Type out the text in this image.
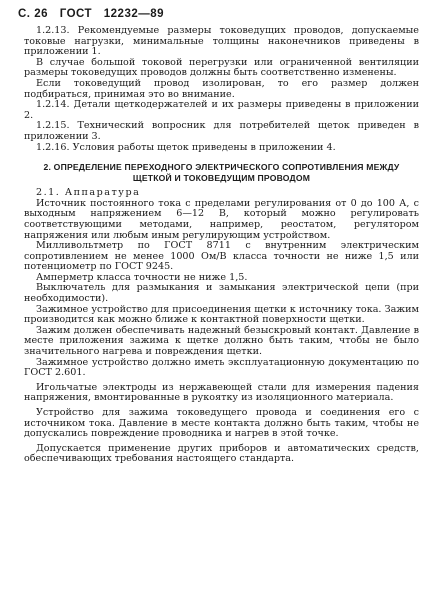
С. 26 ГОСТ 12232—89

1.2.13. Рекомендуемые размеры токоведущих проводов, допускаемые токовые нагрузки, минимальные толщины наконечников приведены в приложении 1.

В случае большой токовой перегрузки или ограниченной вентиляции размеры токоведущих проводов должны быть соответственно изменены.

Если токоведущий провод изолирован, то его размер должен подбираться, принимая это во внимание.

1.2.14. Детали щеткодержателей и их размеры приведены в приложении 2.

1.2.15. Технический вопросник для потребителей щеток приведен в приложении 3.

1.2.16. Условия работы щеток приведены в приложении 4.

2. ОПРЕДЕЛЕНИЕ ПЕРЕХОДНОГО ЭЛЕКТРИЧЕСКОГО СОПРОТИВЛЕНИЯ МЕЖДУ ЩЕТКОЙ И ТОКОВЕДУЩИМ ПРОВОДОМ

2.1. Аппаратура

Источник постоянного тока с пределами регулирования от 0 до 100 А, с выходным напряжением 6—12 В, который можно регулировать соответствующими методами, например, реостатом, регулятором напряжения или любым иным регулирующим устройством.

Милливольтметр по ГОСТ 8711 с внутренним электрическим сопротивлением не менее 1000 Ом/В класса точности не ниже 1,5 или потенциометр по ГОСТ 9245.

Амперметр класса точности не ниже 1,5.

Выключатель для размыкания и замыкания электрической цепи (при необходимости).

Зажимное устройство для присоединения щетки к источнику тока. Зажим производится как можно ближе к контактной поверхности щетки.

Зажим должен обеспечивать надежный безыскровый контакт. Давление в месте приложения зажима к щетке должно быть таким, чтобы не было значительного нагрева и повреждения щетки.

Зажимное устройство должно иметь эксплуатационную документацию по ГОСТ 2.601.

Игольчатые электроды из нержавеющей стали для измерения падения напряжения, вмонтированные в рукоятку из изоляционного материала.

Устройство для зажима токоведущего провода и соединения его с источником тока. Давление в месте контакта должно быть таким, чтобы не допускались повреждение проводника и нагрев в этой точке.

Допускается применение других приборов и автоматических средств, обеспечивающих требования настоящего стандарта.
